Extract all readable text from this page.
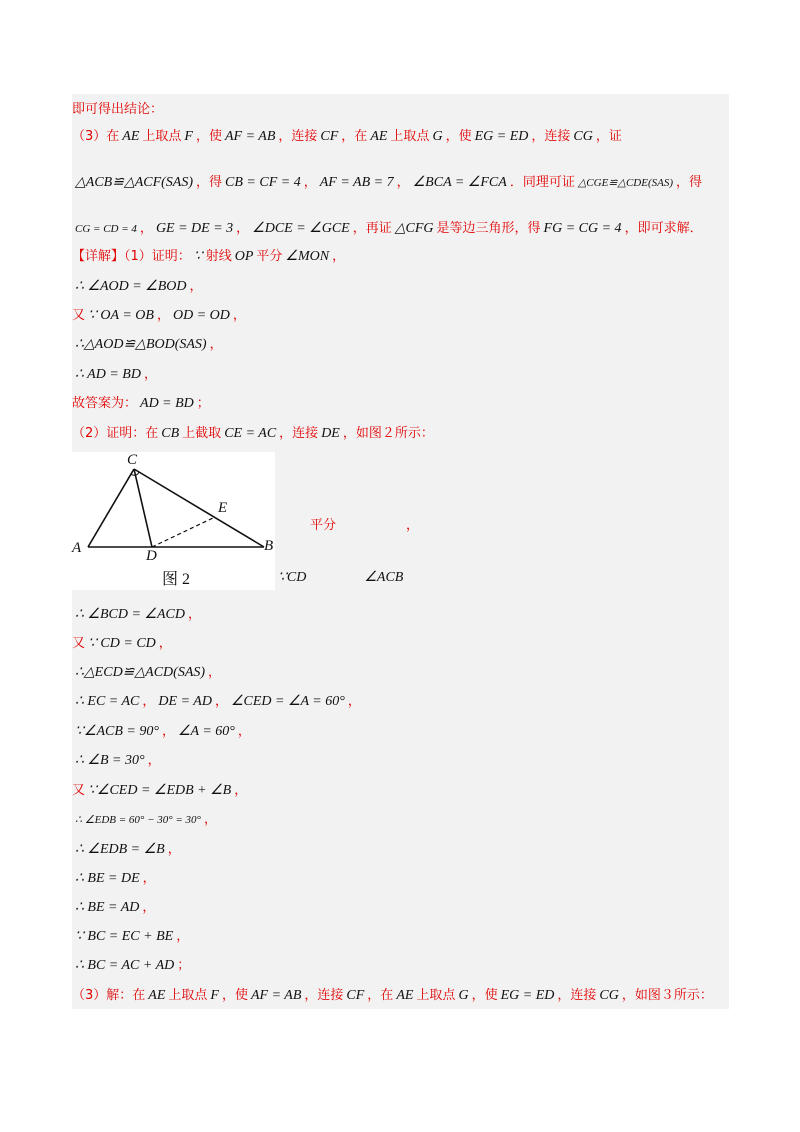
C
E
A	D
B
图 2
即可得出结论：
（3）在 AE 上取点 F ，使 AF = AB ，连接 CF ，在 AE 上取点 G ，使 EG = ED ，连接 CG ，证
△ACB≌△ACF(SAS) ，得 CB = CF = 4 ， AF = AB = 7 ， ∠BCA = ∠FCA ．同理可证 △CGE≌△CDE(SAS) ，得
CG = CD = 4 ， GE = DE = 3 ， ∠DCE = ∠GCE ，再证 △CFG 是等边三角形，得 FG = CG = 4 ，即可求解．
【详解】（1）证明： ∵ 射线 OP 平分 ∠MON ，
∴ ∠AOD = ∠BOD ，
又 ∵ OA = OB ， OD = OD ，
∴△AOD≌△BOD(SAS) ，
∴ AD = BD ，
故答案为： AD = BD ；
（2）证明：在 CB 上截取 CE = AC ，连接 DE ，如图２所示：
平分	，
∵CD	∠ACB
∴ ∠BCD = ∠ACD ，
又 ∵ CD = CD ，
∴△ECD≌△ACD(SAS) ，
∴ EC = AC ， DE = AD ， ∠CED = ∠A = 60° ，
∵∠ACB = 90° ， ∠A = 60° ，
∴ ∠B = 30° ，
又 ∵∠CED = ∠EDB + ∠B ，
∴ ∠EDB = 60° − 30° = 30° ，
∴ ∠EDB = ∠B ，
∴ BE = DE ，
∴ BE = AD ，
∵ BC = EC + BE ，
∴ BC = AC + AD ；
（3）解：在 AE 上取点 F ，使 AF = AB ，连接 CF ，在 AE 上取点 G ，使 EG = ED ，连接 CG ，如图３所示：
